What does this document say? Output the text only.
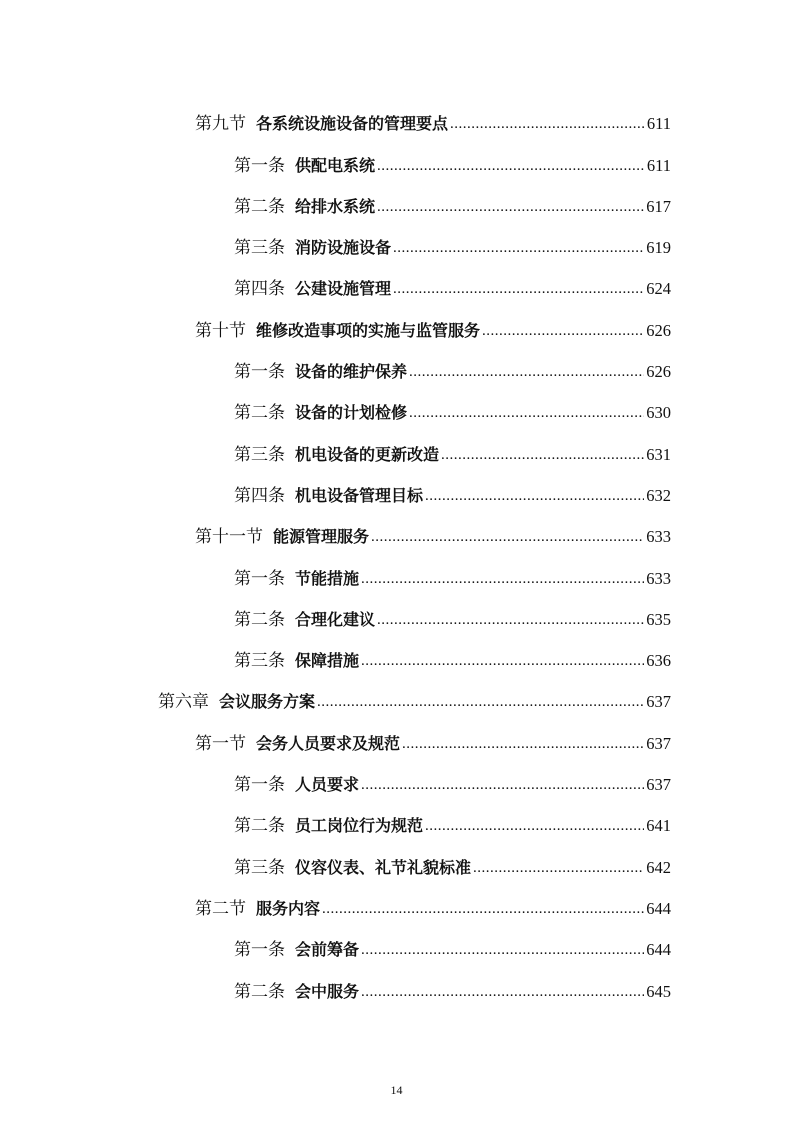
第九节 各系统设施设备的管理要点 .....	611
第一条 供配电系统 .....	611
第二条 给排水系统 .....	617
第三条 消防设施设备 .....	619
第四条 公建设施管理 .....	624
第十节 维修改造事项的实施与监管服务 .....	626
第一条 设备的维护保养 .....	626
第二条 设备的计划检修 .....	630
第三条 机电设备的更新改造 .....	631
第四条 机电设备管理目标 .....	632
第十一节 能源管理服务 .....	633
第一条 节能措施 .....	633
第二条 合理化建议 .....	635
第三条 保障措施 .....	636
第六章 会议服务方案 .....	637
第一节 会务人员要求及规范 .....	637
第一条 人员要求 .....	637
第二条 员工岗位行为规范 .....	641
第三条 仪容仪表、礼节礼貌标准 .....	642
第二节 服务内容 .....	644
第一条 会前筹备 .....	644
第二条 会中服务 .....	645
14
